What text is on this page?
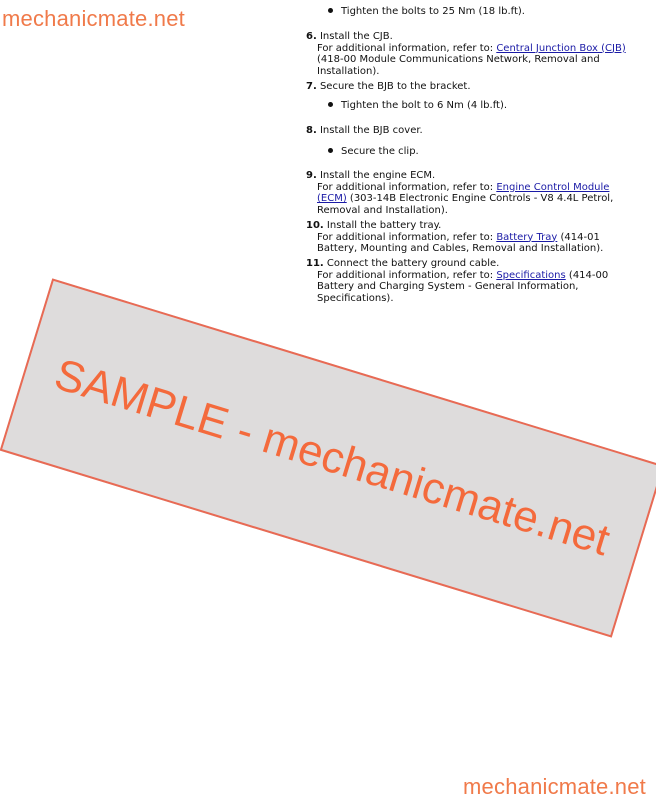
mechanicmate.net	Tighten the bolts to 25 Nm (18 lb.ft).
6. Install the CJB.
For additional information, refer to: Central Junction Box (CJB) (418-00 Module Communications Network, Removal and Installation).
7. Secure the BJB to the bracket.
Tighten the bolt to 6 Nm (4 lb.ft).
8. Install the BJB cover.
Secure the clip.
9. Install the engine ECM.
For additional information, refer to: Engine Control Module (ECM) (303-14B Electronic Engine Controls - V8 4.4L Petrol, Removal and Installation).
10. Install the battery tray.
For additional information, refer to: Battery Tray (414-01 Battery, Mounting and Cables, Removal and Installation).
11. Connect the battery ground cable.
For additional information, refer to: Specifications (414-00 Battery and Charging System - General Information, Specifications).
SAMPLE - mechanicmate.net
mechanicmate.net
